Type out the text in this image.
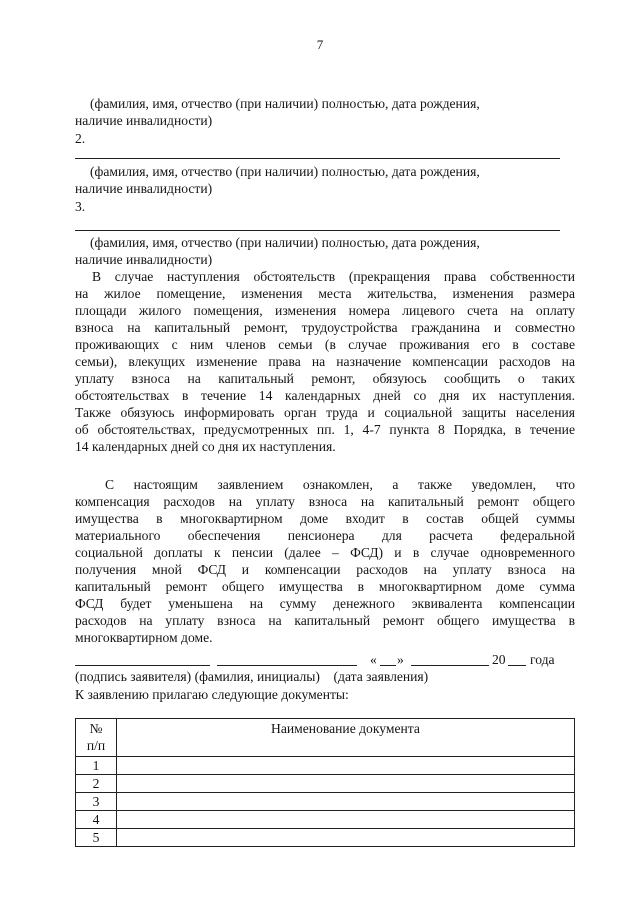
7
(фамилия, имя, отчество (при наличии) полностью, дата рождения,
наличие инвалидности)
2.
(фамилия, имя, отчество (при наличии) полностью, дата рождения,
наличие инвалидности)
3.
(фамилия, имя, отчество (при наличии) полностью, дата рождения,
наличие инвалидности)
В случае наступления обстоятельств (прекращения права собственности
на жилое помещение, изменения места жительства, изменения размера
площади жилого помещения, изменения номера лицевого счета на оплату
взноса на капитальный ремонт, трудоустройства гражданина и совместно
проживающих с ним членов семьи (в случае проживания его в составе
семьи), влекущих изменение права на назначение компенсации расходов на
уплату взноса на капитальный ремонт, обязуюсь сообщить о таких
обстоятельствах в течение 14 календарных дней со дня их наступления.
Также обязуюсь информировать орган труда и социальной защиты населения
об обстоятельствах, предусмотренных пп. 1, 4-7 пункта 8 Порядка, в течение
14 календарных дней со дня их наступления.
С настоящим заявлением ознакомлен, а также уведомлен, что
компенсация расходов на уплату взноса на капитальный ремонт общего
имущества в многоквартирном доме входит в состав общей суммы
материального обеспечения пенсионера для расчета федеральной
социальной доплаты к пенсии (далее – ФСД) и в случае одновременного
получения мной ФСД и компенсации расходов на уплату взноса на
капитальный ремонт общего имущества в многоквартирном доме сумма
ФСД будет уменьшена на сумму денежного эквивалента компенсации
расходов на уплату взноса на капитальный ремонт общего имущества в
многоквартирном доме.
« »	20 года
(подпись заявителя) (фамилия, инициалы)    (дата заявления)
К заявлению прилагаю следующие документы:
№
п/п	Наименование документа
1	
2	
3	
4	
5	
